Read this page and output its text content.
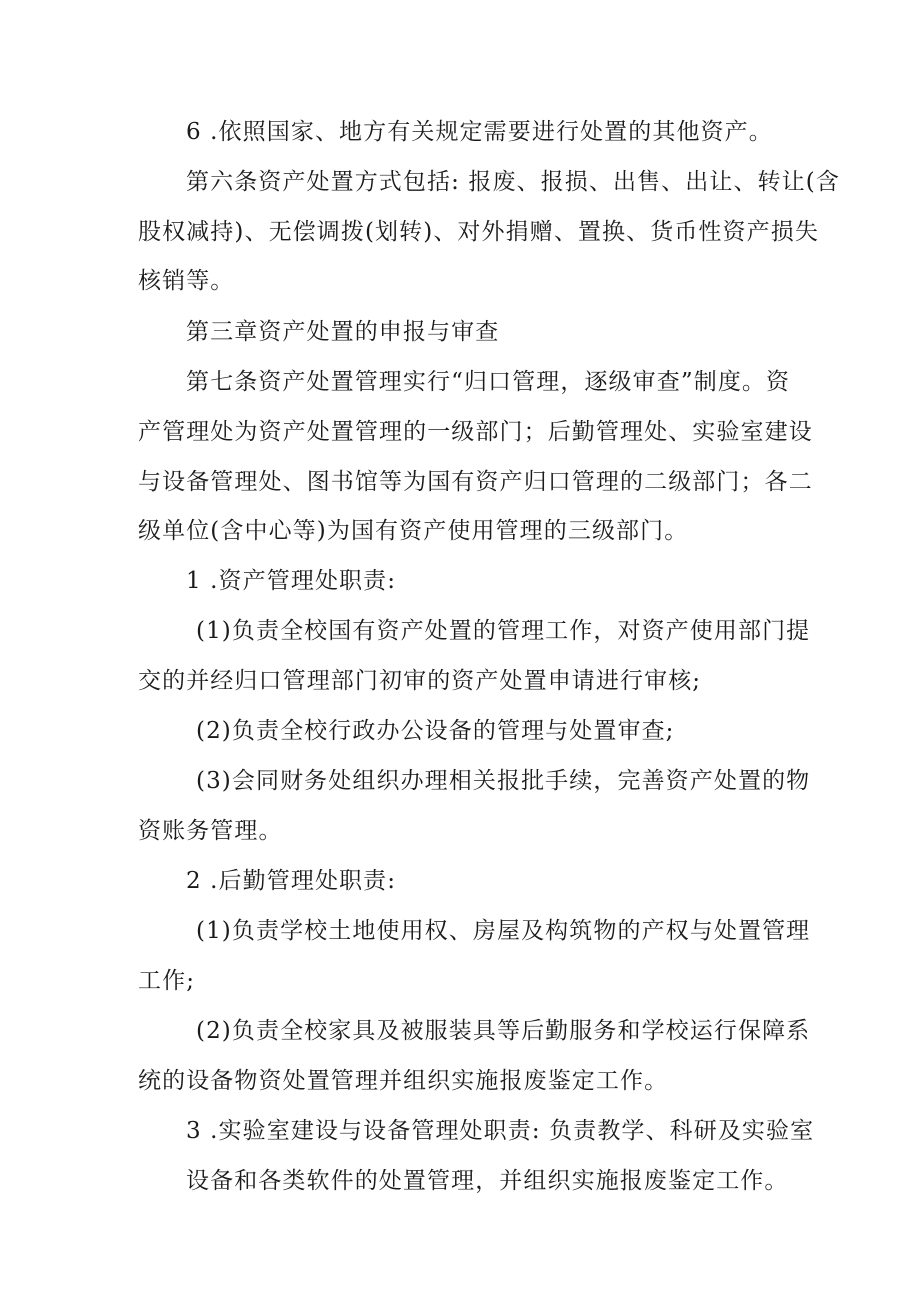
6 .依照国家、地方有关规定需要进行处置的其他资产。
第六条资产处置方式包括: 报废、报损、出售、出让、转让(含
股权减持)、无偿调拨(划转)、对外捐赠、置换、货币性资产损失
核销等。
第三章资产处置的申报与审查
第七条资产处置管理实行“归口管理，逐级审查”制度。资
产管理处为资产处置管理的一级部门；后勤管理处、实验室建设
与设备管理处、图书馆等为国有资产归口管理的二级部门；各二
级单位(含中心等)为国有资产使用管理的三级部门。
1 .资产管理处职责:
(1)负责全校国有资产处置的管理工作，对资产使用部门提
交的并经归口管理部门初审的资产处置申请进行审核;
(2)负责全校行政办公设备的管理与处置审查;
(3)会同财务处组织办理相关报批手续，完善资产处置的物
资账务管理。
2 .后勤管理处职责:
(1)负责学校土地使用权、房屋及构筑物的产权与处置管理
工作;
(2)负责全校家具及被服装具等后勤服务和学校运行保障系
统的设备物资处置管理并组织实施报废鉴定工作。
3 .实验室建设与设备管理处职责: 负责教学、科研及实验室
设备和各类软件的处置管理，并组织实施报废鉴定工作。
